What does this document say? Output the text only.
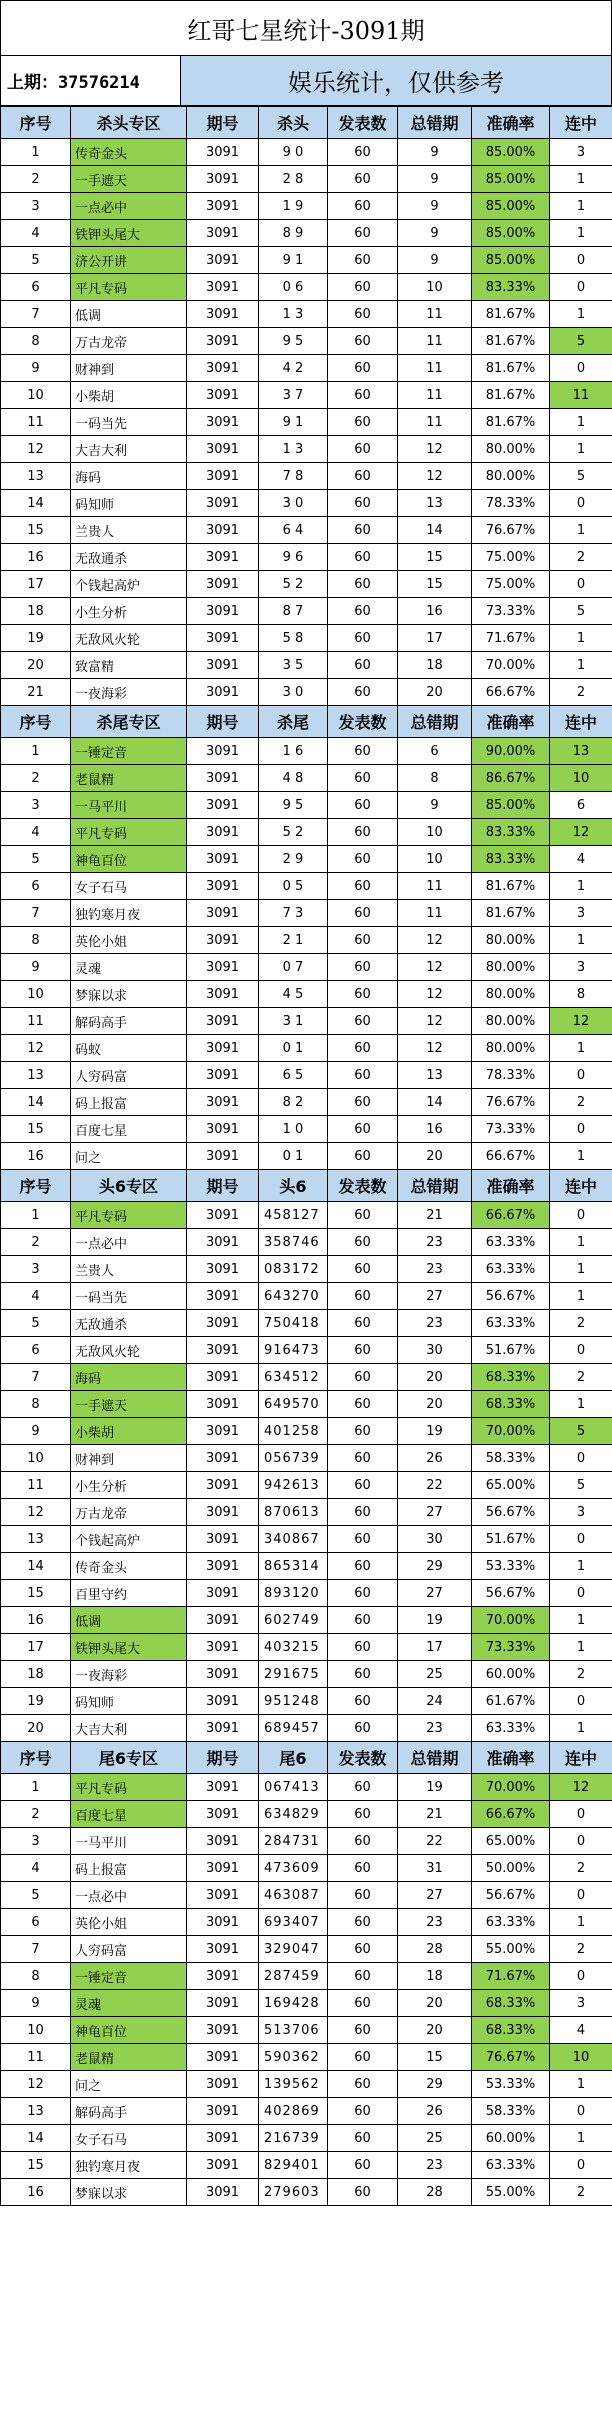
红哥七星统计-3091期
上期：37576214	娱乐统计，仅供参考
序号	杀头专区	期号	杀头	发表数	总错期	准确率	连中
1	传奇金头	3091	9 0	60	9	85.00%	3
2	一手遮天	3091	2 8	60	9	85.00%	1
3	一点必中	3091	1 9	60	9	85.00%	1
4	铁钾头尾大	3091	8 9	60	9	85.00%	1
5	济公开讲	3091	9 1	60	9	85.00%	0
6	平凡专码	3091	0 6	60	10	83.33%	0
7	低调	3091	1 3	60	11	81.67%	1
8	万古龙帝	3091	9 5	60	11	81.67%	5
9	财神到	3091	4 2	60	11	81.67%	0
10	小柴胡	3091	3 7	60	11	81.67%	11
11	一码当先	3091	9 1	60	11	81.67%	1
12	大吉大利	3091	1 3	60	12	80.00%	1
13	海码	3091	7 8	60	12	80.00%	5
14	码知师	3091	3 0	60	13	78.33%	0
15	兰贵人	3091	6 4	60	14	76.67%	1
16	无敌通杀	3091	9 6	60	15	75.00%	2
17	个钱起高炉	3091	5 2	60	15	75.00%	0
18	小生分析	3091	8 7	60	16	73.33%	5
19	无敌风火轮	3091	5 8	60	17	71.67%	1
20	致富精	3091	3 5	60	18	70.00%	1
21	一夜海彩	3091	3 0	60	20	66.67%	2
序号	杀尾专区	期号	杀尾	发表数	总错期	准确率	连中
1	一锤定音	3091	1 6	60	6	90.00%	13
2	老鼠精	3091	4 8	60	8	86.67%	10
3	一马平川	3091	9 5	60	9	85.00%	6
4	平凡专码	3091	5 2	60	10	83.33%	12
5	神龟百位	3091	2 9	60	10	83.33%	4
6	女子石马	3091	0 5	60	11	81.67%	1
7	独钓寒月夜	3091	7 3	60	11	81.67%	3
8	英伦小姐	3091	2 1	60	12	80.00%	1
9	灵魂	3091	0 7	60	12	80.00%	3
10	梦寐以求	3091	4 5	60	12	80.00%	8
11	解码高手	3091	3 1	60	12	80.00%	12
12	码蚁	3091	0 1	60	12	80.00%	1
13	人穷码富	3091	6 5	60	13	78.33%	0
14	码上报富	3091	8 2	60	14	76.67%	2
15	百度七星	3091	1 0	60	16	73.33%	0
16	问之	3091	0 1	60	20	66.67%	1
序号	头6专区	期号	头6	发表数	总错期	准确率	连中
1	平凡专码	3091	458127	60	21	66.67%	0
2	一点必中	3091	358746	60	23	63.33%	1
3	兰贵人	3091	083172	60	23	63.33%	1
4	一码当先	3091	643270	60	27	56.67%	1
5	无敌通杀	3091	750418	60	23	63.33%	2
6	无敌风火轮	3091	916473	60	30	51.67%	0
7	海码	3091	634512	60	20	68.33%	2
8	一手遮天	3091	649570	60	20	68.33%	1
9	小柴胡	3091	401258	60	19	70.00%	5
10	财神到	3091	056739	60	26	58.33%	0
11	小生分析	3091	942613	60	22	65.00%	5
12	万古龙帝	3091	870613	60	27	56.67%	3
13	个钱起高炉	3091	340867	60	30	51.67%	0
14	传奇金头	3091	865314	60	29	53.33%	1
15	百里守约	3091	893120	60	27	56.67%	0
16	低调	3091	602749	60	19	70.00%	1
17	铁钾头尾大	3091	403215	60	17	73.33%	1
18	一夜海彩	3091	291675	60	25	60.00%	2
19	码知师	3091	951248	60	24	61.67%	0
20	大吉大利	3091	689457	60	23	63.33%	1
序号	尾6专区	期号	尾6	发表数	总错期	准确率	连中
1	平凡专码	3091	067413	60	19	70.00%	12
2	百度七星	3091	634829	60	21	66.67%	0
3	一马平川	3091	284731	60	22	65.00%	0
4	码上报富	3091	473609	60	31	50.00%	2
5	一点必中	3091	463087	60	27	56.67%	0
6	英伦小姐	3091	693407	60	23	63.33%	1
7	人穷码富	3091	329047	60	28	55.00%	2
8	一锤定音	3091	287459	60	18	71.67%	0
9	灵魂	3091	169428	60	20	68.33%	3
10	神龟百位	3091	513706	60	20	68.33%	4
11	老鼠精	3091	590362	60	15	76.67%	10
12	问之	3091	139562	60	29	53.33%	1
13	解码高手	3091	402869	60	26	58.33%	0
14	女子石马	3091	216739	60	25	60.00%	1
15	独钓寒月夜	3091	829401	60	23	63.33%	0
16	梦寐以求	3091	279603	60	28	55.00%	2
